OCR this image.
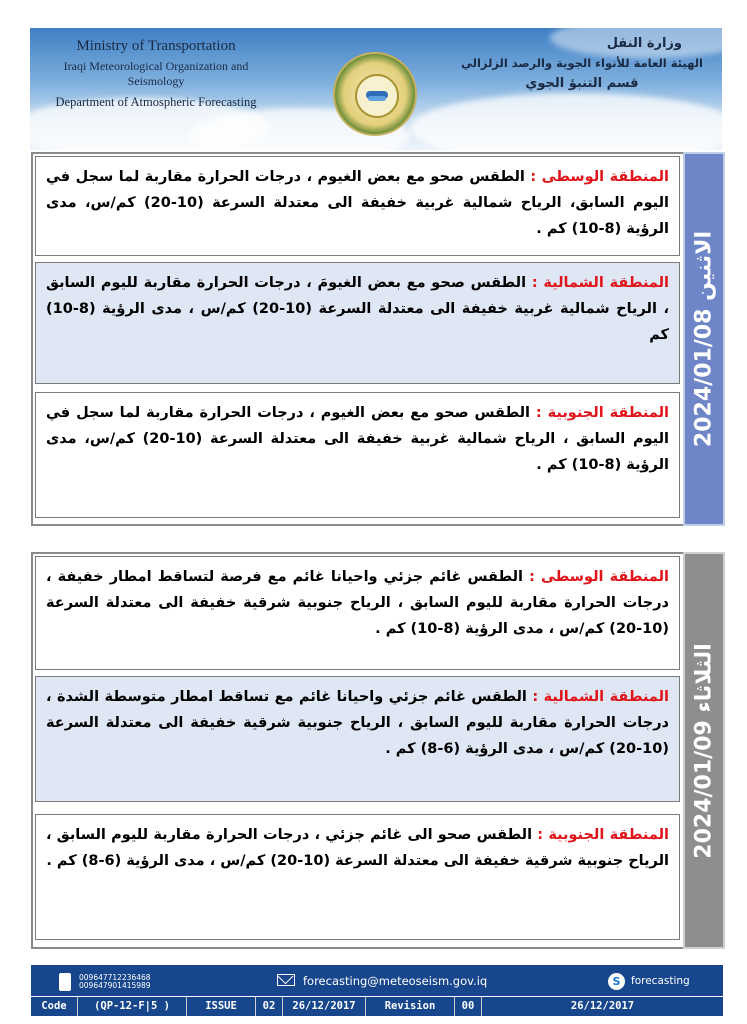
Ministry of Transportation
Iraqi Meteorological Organization and Seismology
Department of Atmospheric Forecasting
وزارة النقل
الهيئة العامة للأنواء الجوية والرصد الزلزالي
قسم التنبؤ الجوي
الاثنين 2024/01/08
المنطقة الوسطى : الطقس صحو مع بعض الغيوم ، درجات الحرارة مقاربة لما سجل في اليوم السابق، الرياح شمالية غربية خفيفة الى معتدلة السرعة (10-20) كم/س، مدى الرؤية (8-10) كم .
المنطقة الشمالية : الطقس صحو مع بعض الغيومَ ، درجات الحرارة مقاربة لليوم السابق ، الرياح شمالية غربية خفيفة الى معتدلة السرعة (10-20) كم/س ، مدى الرؤية (8-10) كم
المنطقة الجنوبية : الطقس صحو مع بعض الغيوم ، درجات الحرارة مقاربة لما سجل في اليوم السابق ، الرياح شمالية غربية خفيفة الى معتدلة السرعة (10-20) كم/س، مدى الرؤية (8-10) كم .
الثلاثاء 2024/01/09
المنطقة الوسطى : الطقس غائم جزئي واحيانا غائم مع فرصة لتساقط امطار خفيفة ، درجات الحرارة مقاربة لليوم السابق ، الرياح جنوبية شرقية خفيفة الى معتدلة السرعة (10-20) كم/س ، مدى الرؤية (8-10) كم .
المنطقة الشمالية : الطقس غائم جزئي واحيانا غائم مع تساقط امطار متوسطة الشدة ، درجات الحرارة مقاربة لليوم السابق ، الرياح جنوبية شرقية خفيفة الى معتدلة السرعة (10-20) كم/س ، مدى الرؤية (6-8) كم .
المنطقة الجنوبية : الطقس صحو الى غائم جزئي ، درجات الحرارة مقاربة لليوم السابق ، الرياح جنوبية شرقية خفيفة الى معتدلة السرعة (10-20) كم/س ، مدى الرؤية (6-8) كم .
009647712236468
009647901415989	forecasting@meteoseism.gov.iq	S	forecasting
Code	(QP-12-F|5 )	ISSUE	02	26/12/2017	Revision	00	26/12/2017
